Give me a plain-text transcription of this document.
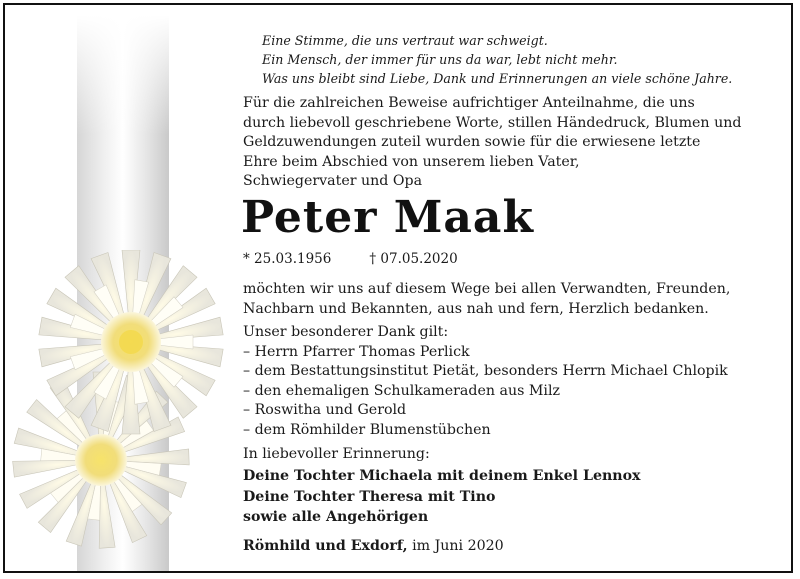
Eine Stimme, die uns vertraut war schweigt.
Ein Mensch, der immer für uns da war, lebt nicht mehr.
Was uns bleibt sind Liebe, Dank und Erinnerungen an viele schöne Jahre.
Für die zahlreichen Beweise aufrichtiger Anteilnahme, die uns
durch liebevoll geschriebene Worte, stillen Händedruck, Blumen und
Geldzuwendungen zuteil wurden sowie für die erwiesene letzte
Ehre beim Abschied von unserem lieben Vater,
Schwiegervater und Opa
Peter Maak
* 25.03.1956	† 07.05.2020
möchten wir uns auf diesem Wege bei allen Verwandten, Freunden,
Nachbarn und Bekannten, aus nah und fern, Herzlich bedanken.
Unser besonderer Dank gilt:
– Herrn Pfarrer Thomas Perlick
– dem Bestattungsinstitut Pietät, besonders Herrn Michael Chlopik
– den ehemaligen Schulkameraden aus Milz
– Roswitha und Gerold
– dem Römhilder Blumenstübchen
In liebevoller Erinnerung:
Deine Tochter Michaela mit deinem Enkel Lennox
Deine Tochter Theresa mit Tino
sowie alle Angehörigen
Römhild und Exdorf, im Juni 2020
